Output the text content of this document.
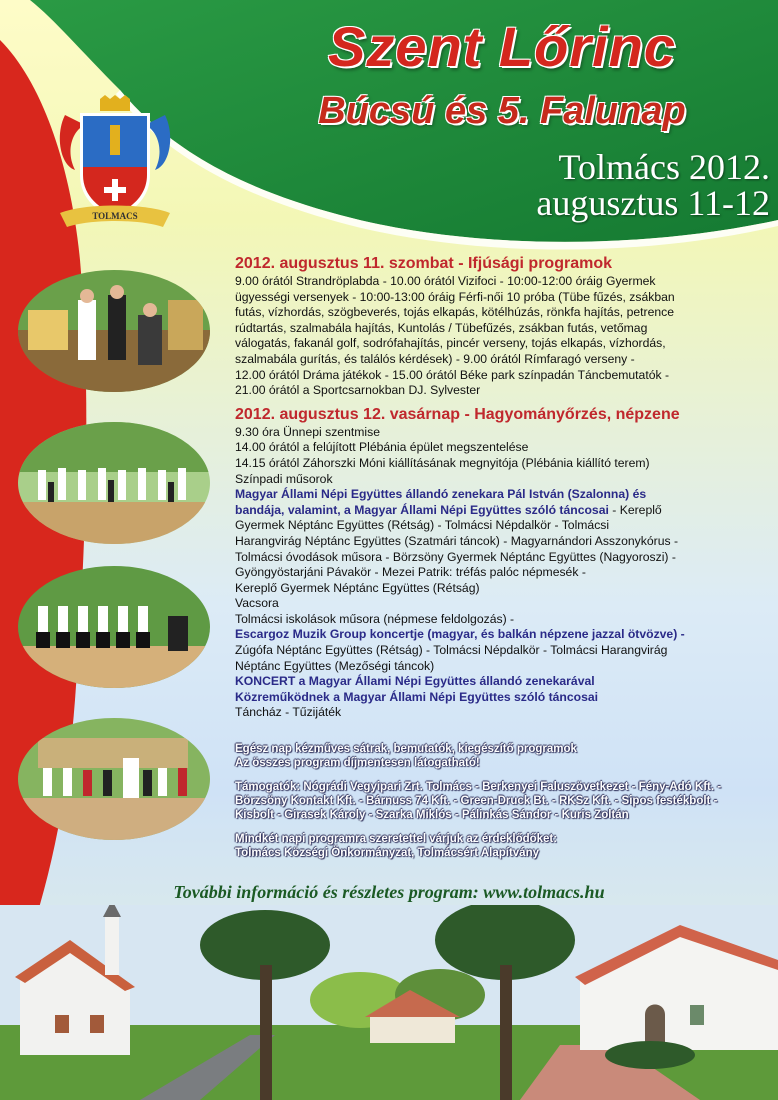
Szent Lőrinc
Búcsú és 5. Falunap
Tolmács 2012.
augusztus 11-12
TOLMACS
2012. augusztus 11. szombat - Ifjúsági programok
9.00 órától Strandröplabda - 10.00 órától Vizifoci - 10:00-12:00 óráig Gyermek
ügyességi versenyek - 10:00-13:00 óráig Férfi-női 10 próba (Tübe fűzés, zsákban
futás, vízhordás, szögbeverés, tojás elkapás, kötélhúzás, rönkfa hajítás, petrence
rúdtartás, szalmabála hajítás, Kuntolás / Tübefűzés, zsákban futás, vetőmag
válogatás, fakanál golf, sodrófahajítás, pincér verseny, tojás elkapás, vízhordás,
szalmabála gurítás, és találós kérdések) - 9.00 órától Rímfaragó verseny -
12.00 órától Dráma játékok - 15.00 órától Béke park színpadán Táncbemutatók -
21.00 órától a Sportcsarnokban DJ. Sylvester
2012. augusztus 12. vasárnap - Hagyományőrzés, népzene
9.30 óra Ünnepi szentmise
14.00 órától a felújított Plébánia épület megszentelése
14.15 órától Záhorszki Móni kiállításának megnyitója (Plébánia kiállító terem)
Színpadi műsorok
Magyar Állami Népi Együttes állandó zenekara Pál István (Szalonna) és
bandája, valamint, a Magyar Állami Népi Együttes szóló táncosai - Kereplő
Gyermek Néptánc Együttes (Rétság) - Tolmácsi Népdalkör - Tolmácsi
Harangvirág Néptánc Együttes (Szatmári táncok) - Magyarnándori Asszonykórus -
Tolmácsi óvodások műsora - Börzsöny Gyermek Néptánc Együttes (Nagyoroszi) -
Gyöngyöstarjáni Pávakör - Mezei Patrik: tréfás palóc népmesék -
Kereplő Gyermek Néptánc Együttes (Rétság)
Vacsora
Tolmácsi iskolások műsora (népmese feldolgozás) -
Escargoz Muzik Group koncertje (magyar, és balkán népzene jazzal ötvözve) -
Zúgófa Néptánc Együttes (Rétság) - Tolmácsi Népdalkör - Tolmácsi Harangvirág
Néptánc Együttes (Mezőségi táncok)
KONCERT a Magyar Állami Népi Együttes állandó zenekarával
Közreműködnek a Magyar Állami Népi Együttes szóló táncosai
Táncház - Tűzijáték

Egész nap kézműves sátrak, bemutatók, kiegészítő programok

Az összes program díjmentesen látogatható!

Támogatók: Nógrádi Vegyipari Zrt. Tolmács - Berkenyei Faluszövetkezet - Fény-Adó Kft. -

Börzsöny Kontakt Kft. - Bárnuss 74 Kft. - Green-Druck Bt. - RKSz Kft. - Sipos festékbolt -

Kisbolt - Girasek Károly - Szarka Miklós - Pálinkás Sándor - Kuris Zoltán

Mindkét napi programra szeretettel várjuk az érdeklődőket:

Tolmács Községi Önkormányzat, Tolmácsért Alapítvány

További információ és részletes program: www.tolmacs.hu
